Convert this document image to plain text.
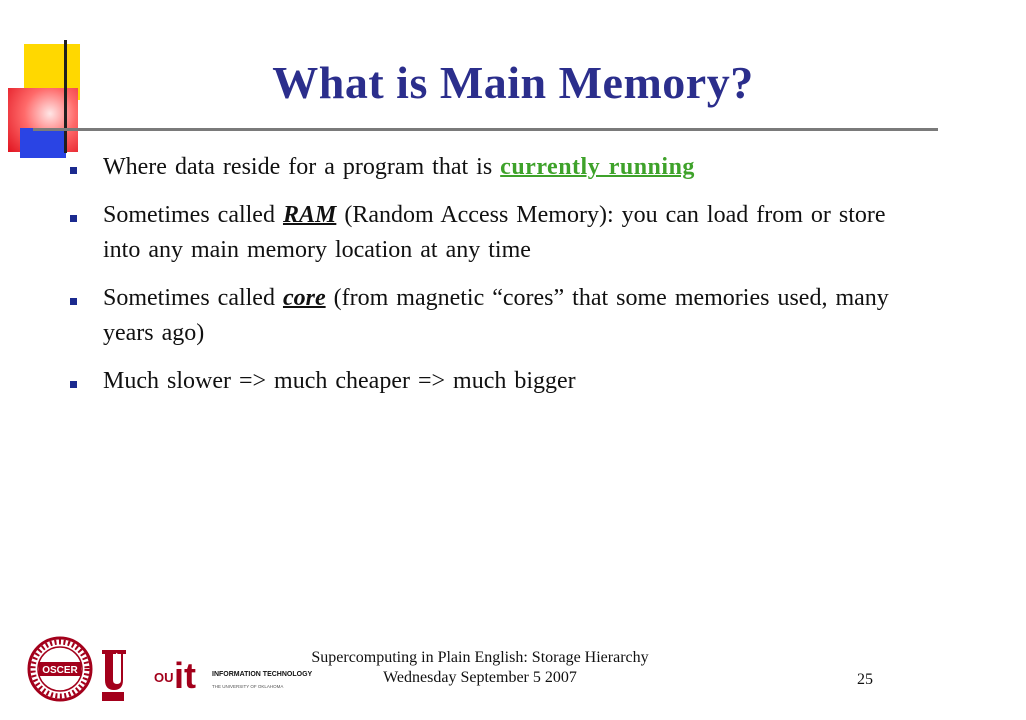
What is Main Memory?
Where data reside for a program that is currently running
Sometimes called RAM (Random Access Memory): you can load from or store into any main memory location at any time
Sometimes called core (from magnetic “cores” that some memories used, many years ago)
Much slower => much cheaper => much bigger
OSCER	OU it INFORMATION TECHNOLOGY
THE UNIVERSITY OF OKLAHOMA
Supercomputing in Plain English: Storage Hierarchy
Wednesday September 5 2007	25
